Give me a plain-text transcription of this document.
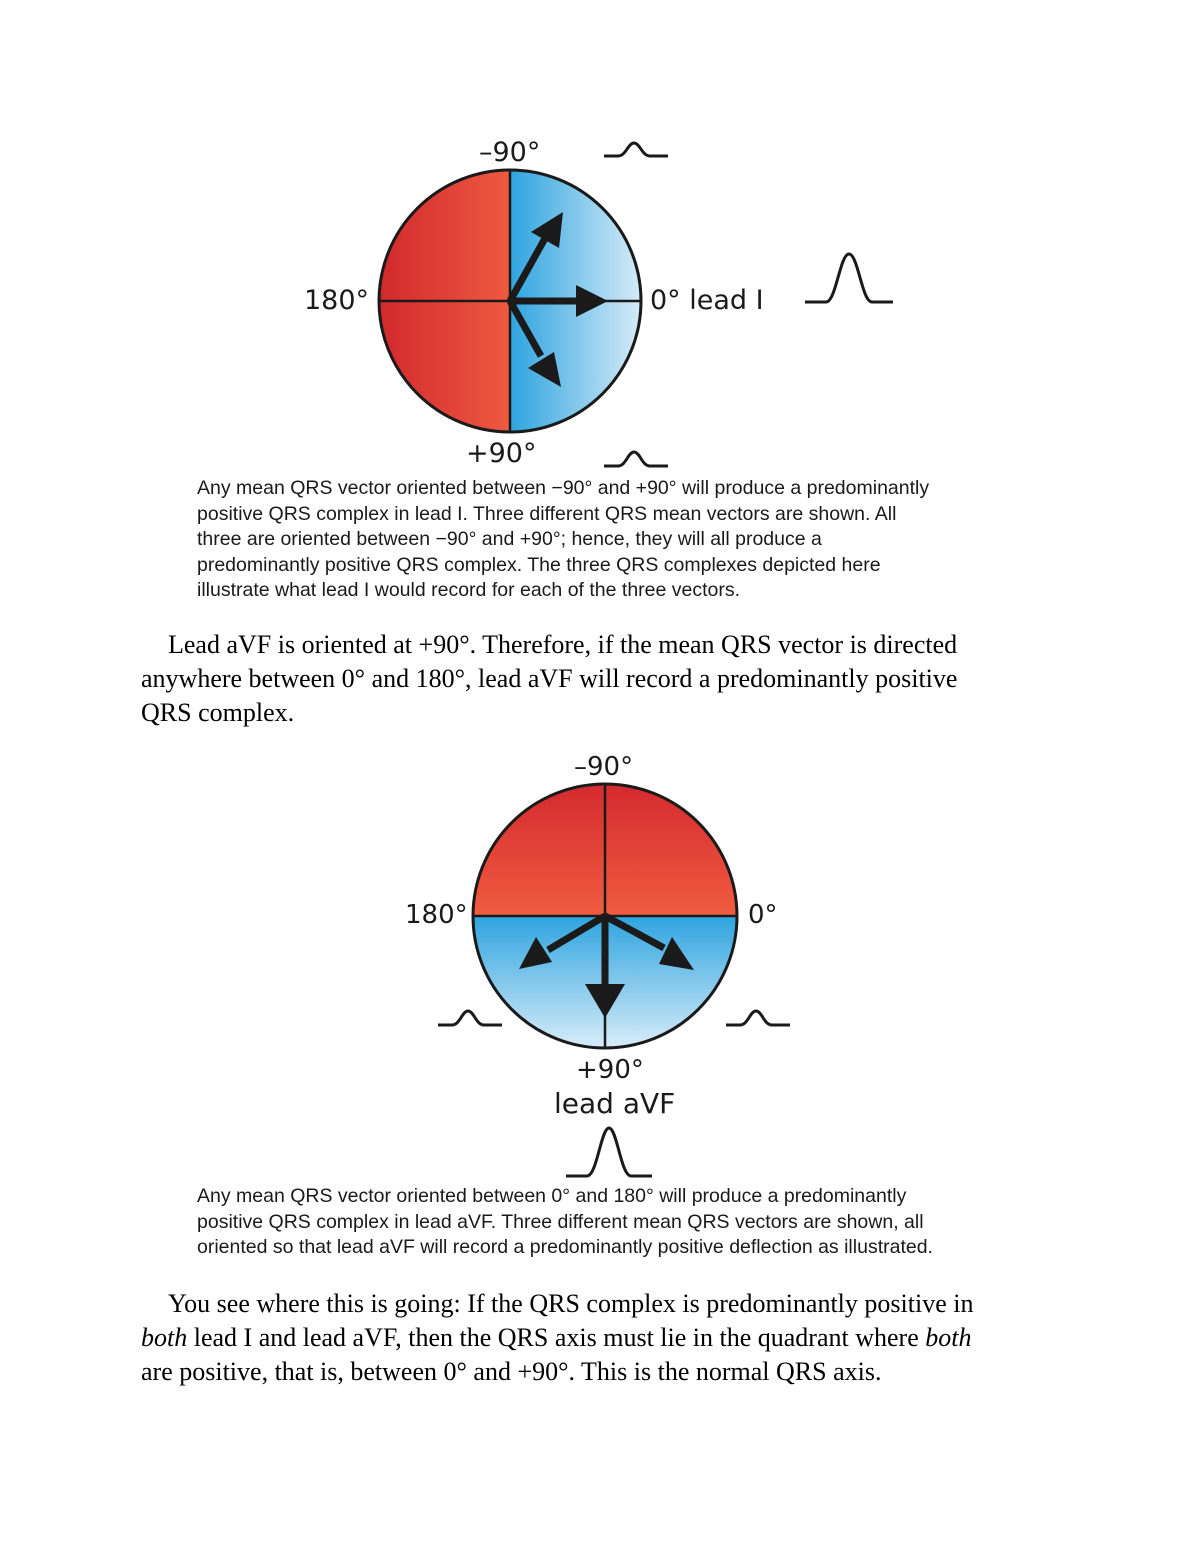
–90°
180°	0° lead I
+90°
Any mean QRS vector oriented between −90° and +90° will produce a predominantly
positive QRS complex in lead I. Three different QRS mean vectors are shown. All
three are oriented between −90° and +90°; hence, they will all produce a
predominantly positive QRS complex. The three QRS complexes depicted here
illustrate what lead I would record for each of the three vectors.
Lead aVF is oriented at +90°. Therefore, if the mean QRS vector is directed
anywhere between 0° and 180°, lead aVF will record a predominantly positive
QRS complex.
–90°
180°	0°
+90°
lead aVF
Any mean QRS vector oriented between 0° and 180° will produce a predominantly
positive QRS complex in lead aVF. Three different mean QRS vectors are shown, all
oriented so that lead aVF will record a predominantly positive deflection as illustrated.
You see where this is going: If the QRS complex is predominantly positive in
both lead I and lead aVF, then the QRS axis must lie in the quadrant where both
are positive, that is, between 0° and +90°. This is the normal QRS axis.
